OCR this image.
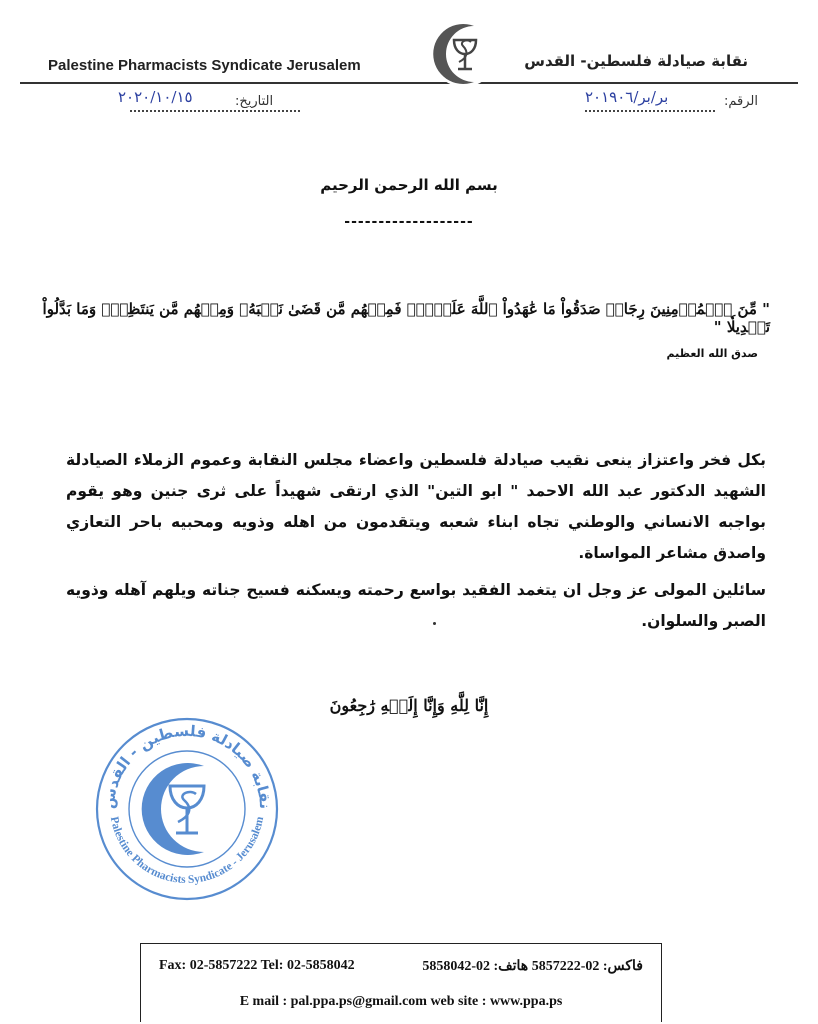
Palestine Pharmacists Syndicate Jerusalem	نقابة صيادلة فلسطين- القدس
التاريخ:
٢٠٢٠/١٠/١٥	الرقم:
بر/بر/٢٠١٩٠٦
بسم الله الرحمن الرحيم
-------------------
" مِّنَ ٱلۡمُؤۡمِنِينَ رِجَالٞ صَدَقُواْ مَا عَٰهَدُواْ ٱللَّهَ عَلَيۡهِۖ فَمِنۡهُم مَّن قَضَىٰ نَحۡبَهُۥ وَمِنۡهُم مَّن يَنتَظِرُۖ وَمَا بَدَّلُواْ تَبۡدِيلٗا "
صدق الله العظيم
بكل فخر واعتزاز ينعى نقيب صيادلة فلسطين واعضاء مجلس النقابة وعموم الزملاء الصيادلة الشهيد الدكتور عبد الله الاحمد " ابو التين" الذي ارتقى شهيداً على ثرى جنين وهو يقوم بواجبه الانساني والوطني تجاه ابناء شعبه ويتقدمون من اهله وذويه ومحبيه باحر التعازي واصدق مشاعر المواساة.
سائلين المولى عز وجل ان يتغمد الفقيد بواسع رحمته ويسكنه فسيح جناته ويلهم آهله وذويه الصبر والسلوان.
إِنَّا لِلَّهِ وَإِنَّا إِلَيۡهِ رَٰجِعُونَ
نقابة صيادلة فلسطين - القدس
Palestine Pharmacists Syndicate - Jerusalem
Fax: 02-5857222 Tel: 02-5858042	فاكس: 02-5857222 هاتف: 02-5858042
E mail : pal.ppa.ps@gmail.com web site : www.ppa.ps
